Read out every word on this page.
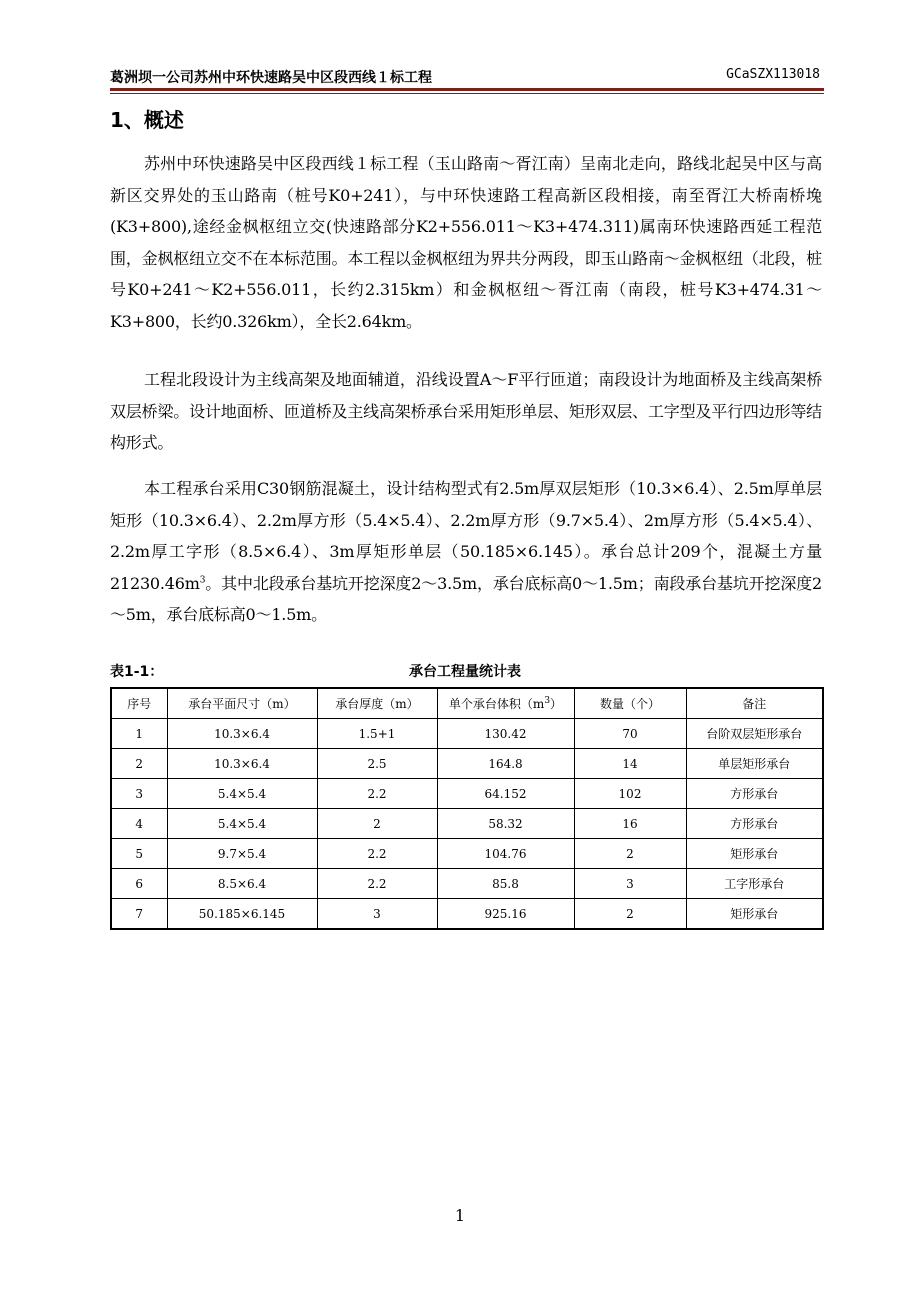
葛洲坝一公司苏州中环快速路吴中区段西线１标工程	GCaSZX113018
1、概述

苏州中环快速路吴中区段西线１标工程（玉山路南～胥江南）呈南北走向，路线北起吴中区与高新区交界处的玉山路南（桩号K0+241），与中环快速路工程高新区段相接，南至胥江大桥南桥堍(K3+800),途经金枫枢纽立交(快速路部分K2+556.011～K3+474.311)属南环快速路西延工程范围，金枫枢纽立交不在本标范围。本工程以金枫枢纽为界共分两段，即玉山路南～金枫枢纽（北段，桩号K0+241～K2+556.011，长约2.315km）和金枫枢纽～胥江南（南段，桩号K3+474.31～K3+800，长约0.326km），全长2.64km。

工程北段设计为主线高架及地面辅道，沿线设置A～F平行匝道；南段设计为地面桥及主线高架桥双层桥梁。设计地面桥、匝道桥及主线高架桥承台采用矩形单层、矩形双层、工字型及平行四边形等结构形式。

本工程承台采用C30钢筋混凝土，设计结构型式有2.5m厚双层矩形（10.3×6.4）、2.5m厚单层矩形（10.3×6.4）、2.2m厚方形（5.4×5.4）、2.2m厚方形（9.7×5.4）、2m厚方形（5.4×5.4）、2.2m厚工字形（8.5×6.4）、3m厚矩形单层（50.185×6.145）。承台总计209个，混凝土方量$21230.46m^3$。其中北段承台基坑开挖深度2～3.5m，承台底标高0～1.5m；南段承台基坑开挖深度2～5m，承台底标高0～1.5m。

承台工程量统计表
表1-1：
序号	承台平面尺寸（m）	承台厚度（m）	单个承台体积$(m^3)$	数量（个）	备注
1	10.3×6.4	1.5+1	130.42	70	台阶双层矩形承台
2	10.3×6.4	2.5	164.8	14	单层矩形承台
3	5.4×5.4	2.2	64.152	102	方形承台
4	5.4×5.4	2	58.32	16	方形承台
5	9.7×5.4	2.2	104.76	2	矩形承台
6	8.5×6.4	2.2	85.8	3	工字形承台
7	50.185×6.145	3	925.16	2	矩形承台
1
